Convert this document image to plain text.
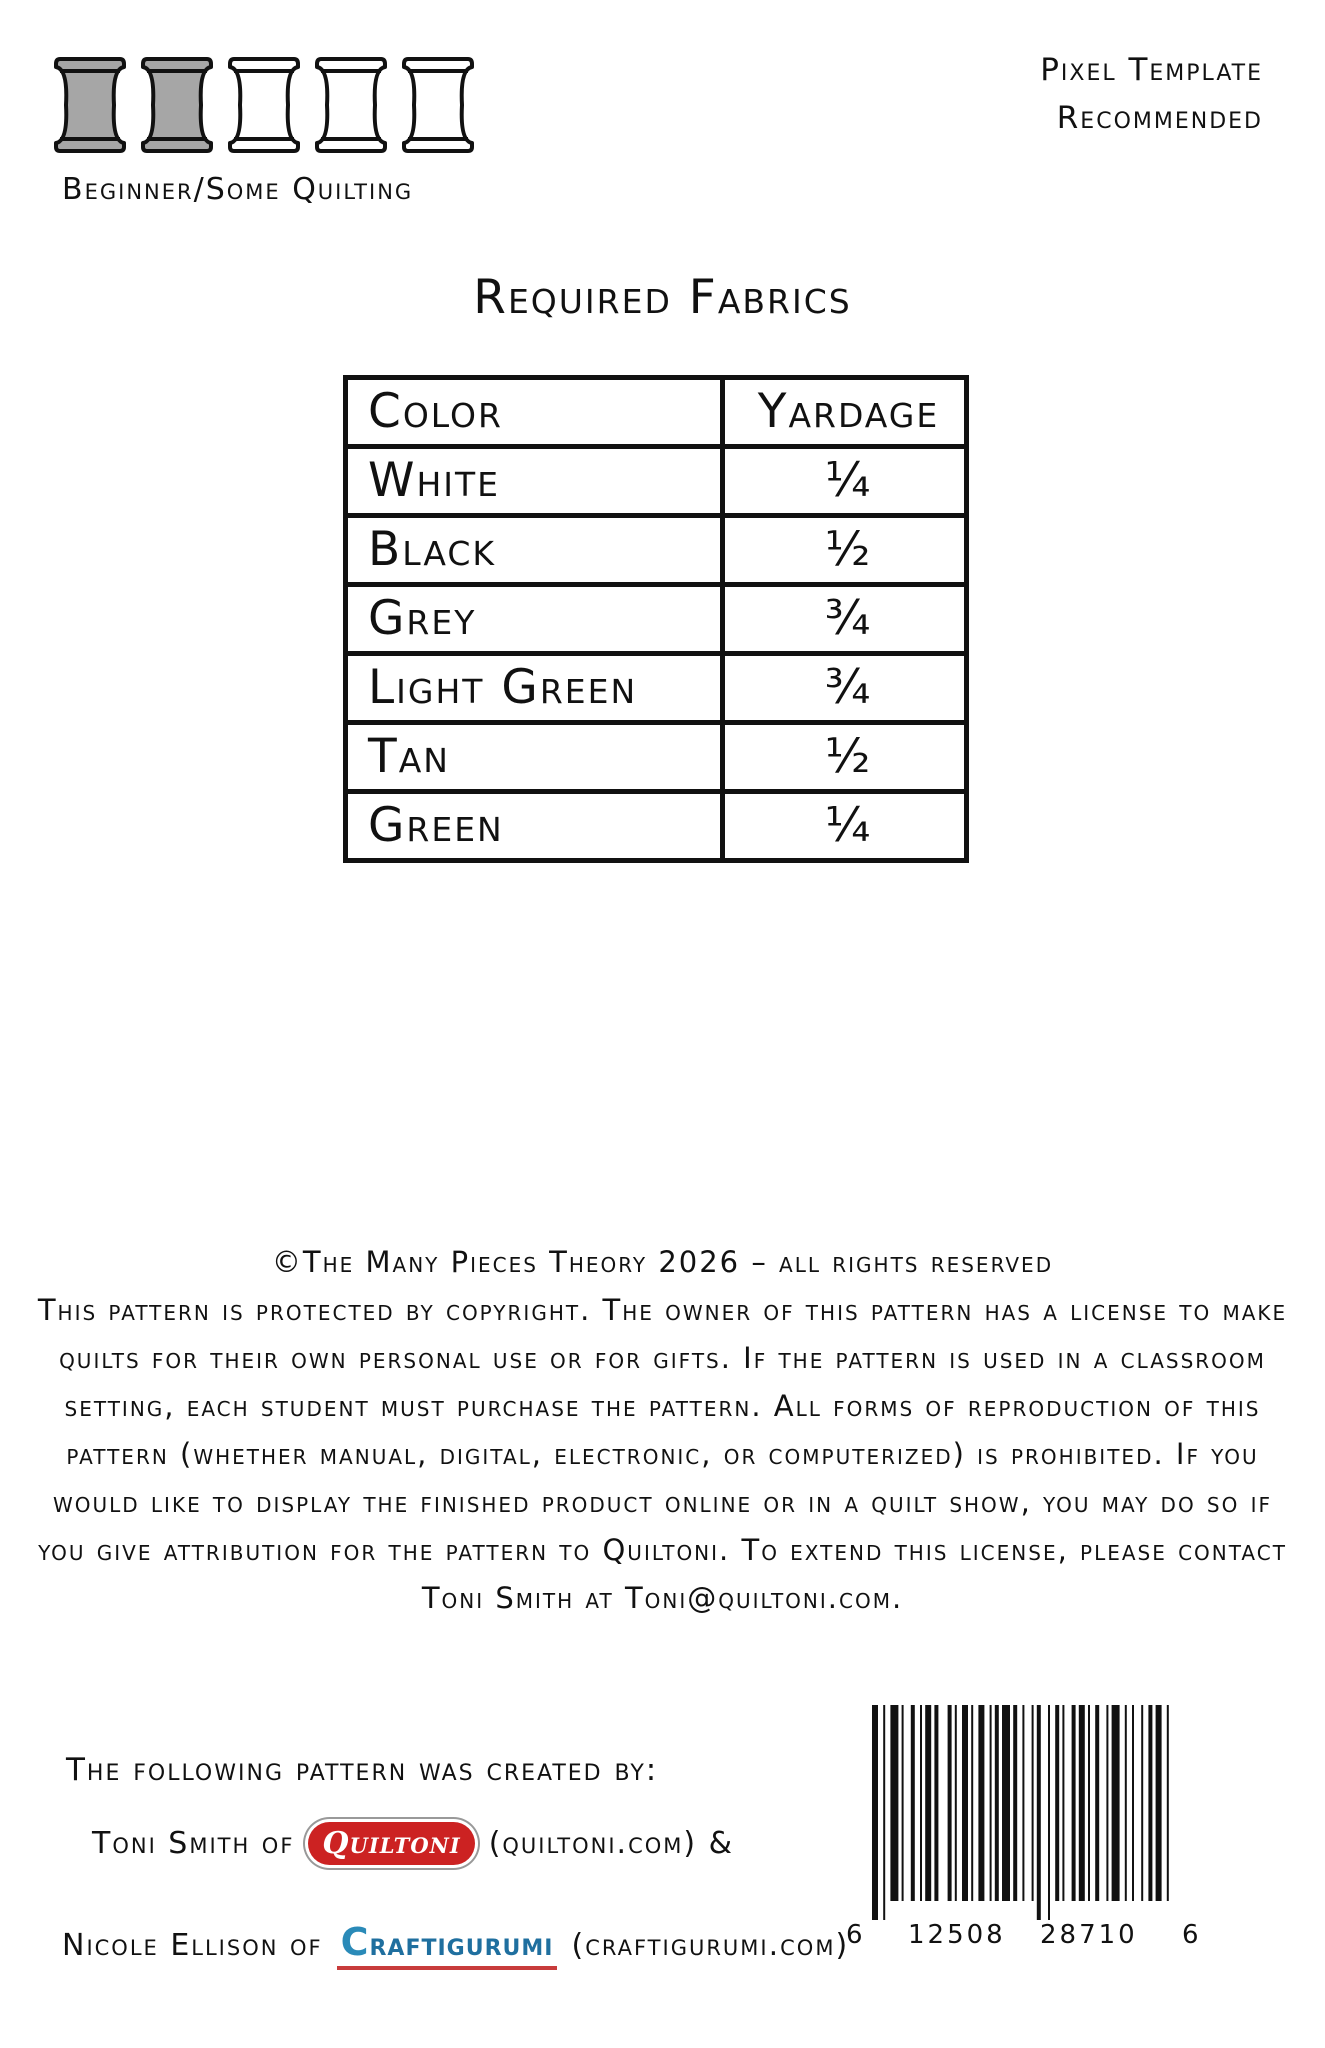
Beginner/Some Quilting
Pixel Template
Recommended
Required Fabrics
Color	Yardage
White	¼
Black	½
Grey	¾
Light Green	¾
Tan	½
Green	¼
©The Many Pieces Theory 2026 – all rights reserved
This pattern is protected by copyright. The owner of this pattern has a license to make quilts for their own personal use or for gifts. If the pattern is used in a classroom setting, each student must purchase the pattern. All forms of reproduction of this pattern (whether manual, digital, electronic, or computerized) is prohibited. If you would like to display the finished product online or in a quilt show, you may do so if you give attribution for the pattern to Quiltoni. To extend this license, please contact Toni Smith at Toni@quiltoni.com.
The following pattern was created by:
Toni Smith of Quiltoni (quiltoni.com) &
Nicole Ellison of CRAFTIGURUMI (craftigurumi.com)
6 12508 28710 6
